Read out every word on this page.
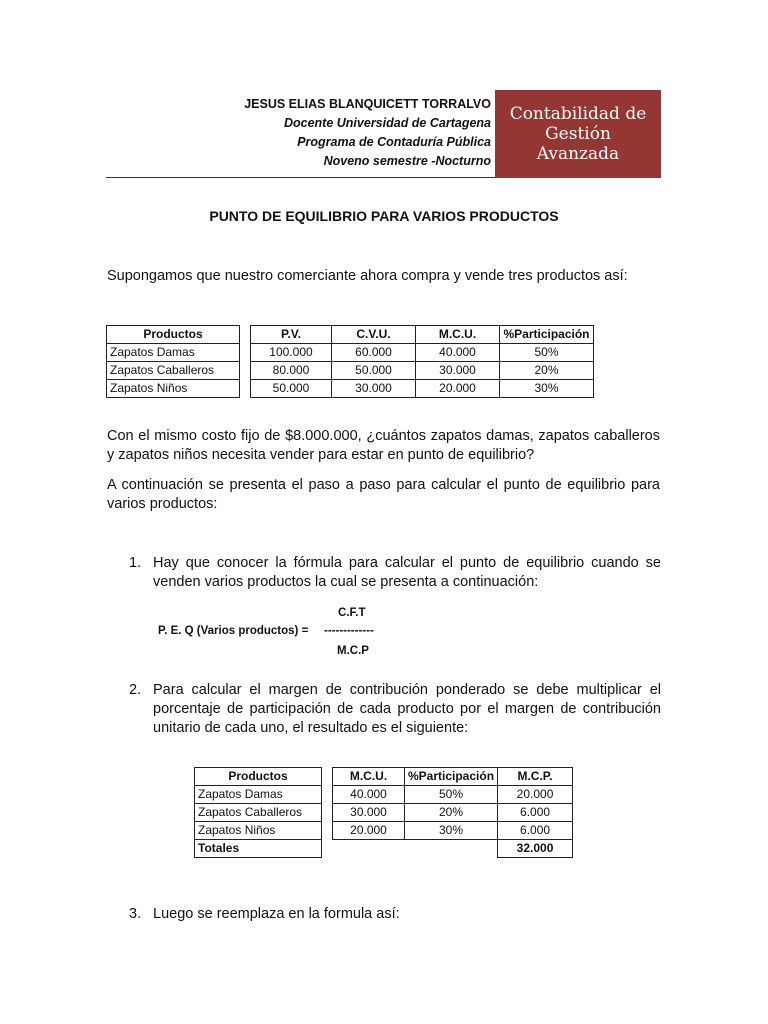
JESUS ELIAS BLANQUICETT TORRALVO
Docente Universidad de Cartagena
Programa de Contaduría Pública
Noveno semestre -Nocturno
Contabilidad de
Gestión
Avanzada
PUNTO DE EQUILIBRIO PARA VARIOS PRODUCTOS
Supongamos que nuestro comerciante ahora compra y vende tres productos así:
Productos		P.V.	C.V.U.	M.C.U.	%Participación
Zapatos Damas		100.000	60.000	40.000	50%
Zapatos Caballeros		80.000	50.000	30.000	20%
Zapatos Niños		50.000	30.000	20.000	30%
Con el mismo costo fijo de $8.000.000, ¿cuántos zapatos damas, zapatos caballeros y zapatos niños necesita vender para estar en punto de equilibrio?
A continuación se presenta el paso a paso para calcular el punto de equilibrio para varios productos:
1. Hay que conocer la fórmula para calcular el punto de equilibrio cuando se venden varios productos la cual se presenta a continuación:
P. E. Q (Varios productos) =
C.F.T
-------------
M.C.P
2. Para calcular el margen de contribución ponderado se debe multiplicar el porcentaje de participación de cada producto por el margen de contribución unitario de cada uno, el resultado es el siguiente:
Productos		M.C.U.	%Participación	M.C.P.
Zapatos Damas		40.000	50%	20.000
Zapatos Caballeros		30.000	20%	6.000
Zapatos Niños		20.000	30%	6.000
Totales				32.000
3. Luego se reemplaza en la formula así:
